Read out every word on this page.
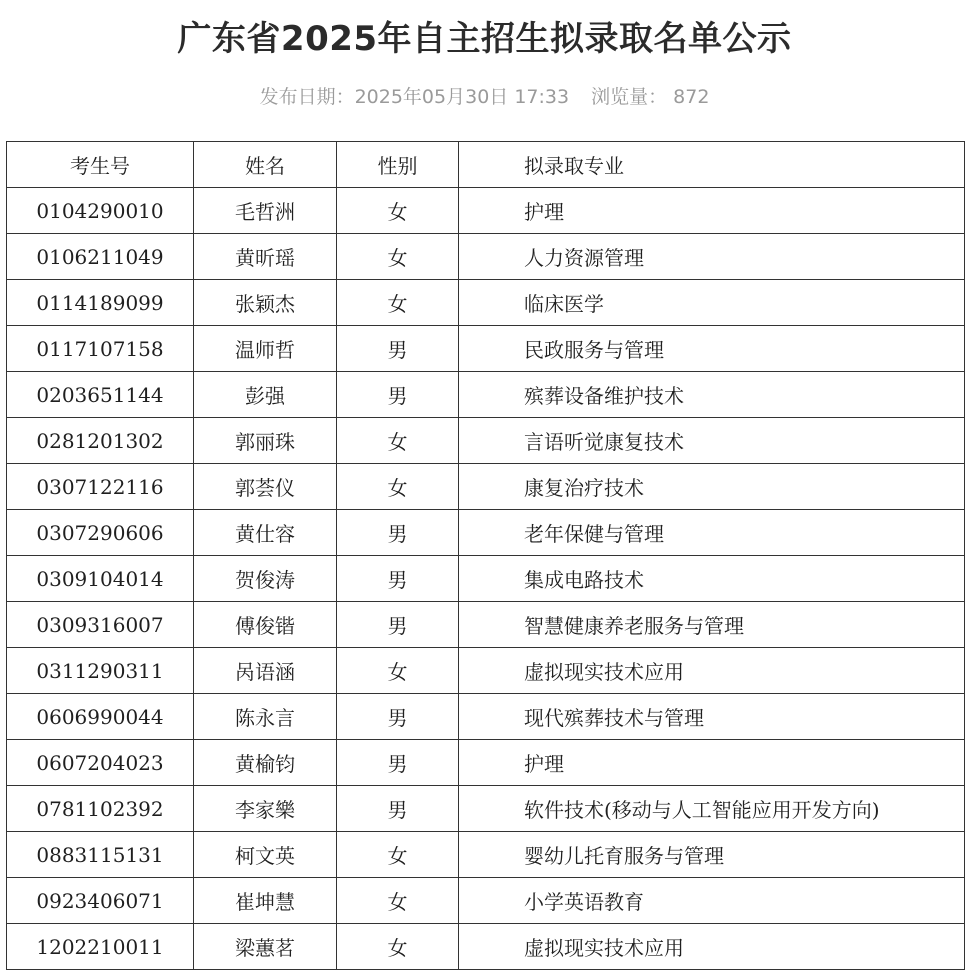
广东省2025年自主招生拟录取名单公示
发布日期：2025年05月30日 17:33 浏览量： 872
考生号	姓名	性别	拟录取专业
0104290010	毛哲洲	女	护理
0106211049	黄昕瑶	女	人力资源管理
0114189099	张颖杰	女	临床医学
0117107158	温师哲	男	民政服务与管理
0203651144	彭强	男	殡葬设备维护技术
0281201302	郭丽珠	女	言语听觉康复技术
0307122116	郭荟仪	女	康复治疗技术
0307290606	黄仕容	男	老年保健与管理
0309104014	贺俊涛	男	集成电路技术
0309316007	傅俊锴	男	智慧健康养老服务与管理
0311290311	呙语涵	女	虚拟现实技术应用
0606990044	陈永言	男	现代殡葬技术与管理
0607204023	黄榆钧	男	护理
0781102392	李家樂	男	软件技术(移动与人工智能应用开发方向)
0883115131	柯文英	女	婴幼儿托育服务与管理
0923406071	崔坤慧	女	小学英语教育
1202210011	梁蕙茗	女	虚拟现实技术应用
